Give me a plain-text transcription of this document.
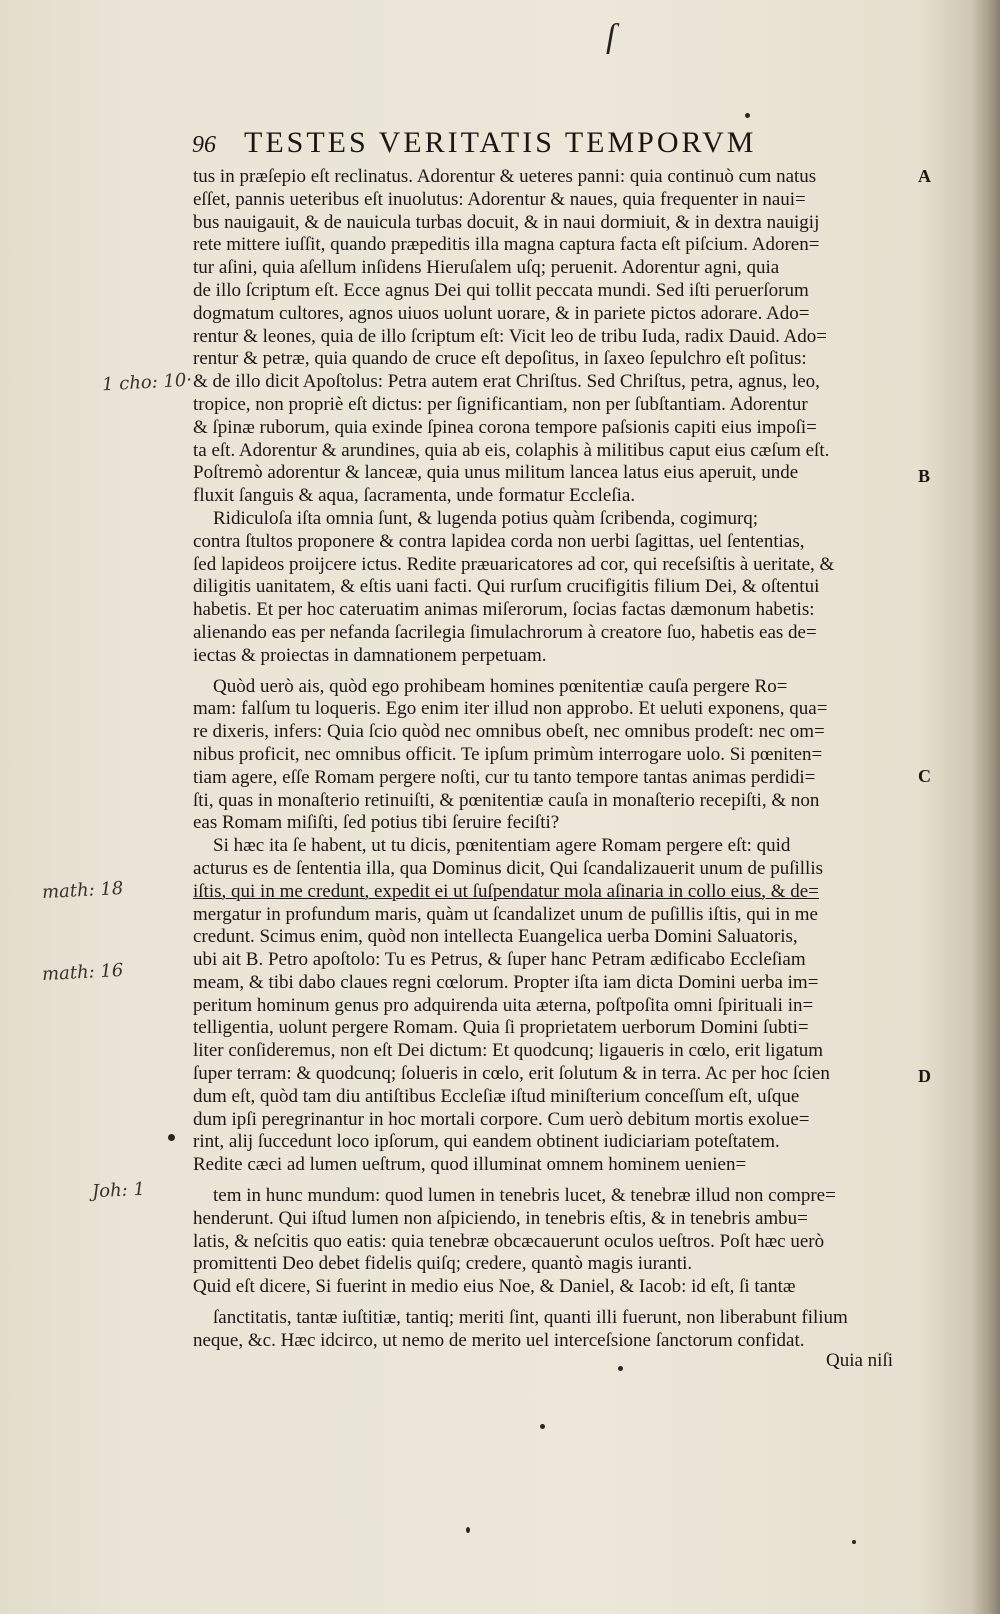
ſ
96 TESTES VERITATIS TEMPORVM
A
B
C
D
1 cho: 10·
math: 18
math: 16
Joh: 1
tus in præſepio eſt reclinatus. Adorentur & ueteres panni: quia continuò cum natus
eſſet, pannis ueteribus eſt inuolutus: Adorentur & naues, quia frequenter in naui=
bus nauigauit, & de nauicula turbas docuit, & in naui dormiuit, & in dextra nauigij
rete mittere iuſſit, quando præpeditis illa magna captura facta eſt piſcium. Adoren=
tur aſini, quia aſellum inſidens Hieruſalem uſq; peruenit. Adorentur agni, quia
de illo ſcriptum eſt. Ecce agnus Dei qui tollit peccata mundi. Sed iſti peruerſorum
dogmatum cultores, agnos uiuos uolunt uorare, & in pariete pictos adorare. Ado=
rentur & leones, quia de illo ſcriptum eſt: Vicit leo de tribu Iuda, radix Dauid. Ado=
rentur & petræ, quia quando de cruce eſt depoſitus, in ſaxeo ſepulchro eſt poſitus:
& de illo dicit Apoſtolus: Petra autem erat Chriſtus. Sed Chriſtus, petra, agnus, leo,
tropice, non propriè eſt dictus: per ſignificantiam, non per ſubſtantiam. Adorentur
& ſpinæ ruborum, quia exinde ſpinea corona tempore paſsionis capiti eius impoſi=
ta eſt. Adorentur & arundines, quia ab eis, colaphis à militibus caput eius cæſum eſt.
Poſtremò adorentur & lanceæ, quia unus militum lancea latus eius aperuit, unde
fluxit ſanguis & aqua, ſacramenta, unde formatur Eccleſia.
Ridiculoſa iſta omnia ſunt, & lugenda potius quàm ſcribenda, cogimurq;
contra ſtultos proponere & contra lapidea corda non uerbi ſagittas, uel ſententias,
ſed lapideos proijcere ictus. Redite præuaricatores ad cor, qui receſsiſtis à ueritate, &
diligitis uanitatem, & eſtis uani facti. Qui rurſum crucifigitis filium Dei, & oſtentui
habetis. Et per hoc cateruatim animas miſerorum, ſocias factas dæmonum habetis:
alienando eas per nefanda ſacrilegia ſimulachrorum à creatore ſuo, habetis eas de=
iectas & proiectas in damnationem perpetuam.
Quòd uerò ais, quòd ego prohibeam homines pœnitentiæ cauſa pergere Ro=
mam: falſum tu loqueris. Ego enim iter illud non approbo. Et ueluti exponens, qua=
re dixeris, infers: Quia ſcio quòd nec omnibus obeſt, nec omnibus prodeſt: nec om=
nibus proficit, nec omnibus officit. Te ipſum primùm interrogare uolo. Si pœniten=
tiam agere, eſſe Romam pergere noſti, cur tu tanto tempore tantas animas perdidi=
ſti, quas in monaſterio retinuiſti, & pœnitentiæ cauſa in monaſterio recepiſti, & non
eas Romam miſiſti, ſed potius tibi ſeruire feciſti?
Si hæc ita ſe habent, ut tu dicis, pœnitentiam agere Romam pergere eſt: quid
acturus es de ſententia illa, qua Dominus dicit, Qui ſcandalizauerit unum de puſillis
iſtis, qui in me credunt, expedit ei ut ſuſpendatur mola aſinaria in collo eius, & de=
mergatur in profundum maris, quàm ut ſcandalizet unum de puſillis iſtis, qui in me
credunt. Scimus enim, quòd non intellecta Euangelica uerba Domini Saluatoris,
ubi ait B. Petro apoſtolo: Tu es Petrus, & ſuper hanc Petram ædificabo Eccleſiam
meam, & tibi dabo claues regni cœlorum. Propter iſta iam dicta Domini uerba im=
peritum hominum genus pro adquirenda uita æterna, poſtpoſita omni ſpirituali in=
telligentia, uolunt pergere Romam. Quia ſi proprietatem uerborum Domini ſubti=
liter conſideremus, non eſt Dei dictum: Et quodcunq; ligaueris in cœlo, erit ligatum
ſuper terram: & quodcunq; ſolueris in cœlo, erit ſolutum & in terra. Ac per hoc ſcien
dum eſt, quòd tam diu antiſtibus Eccleſiæ iſtud miniſterium conceſſum eſt, uſque
dum ipſi peregrinantur in hoc mortali corpore. Cum uerò debitum mortis exolue=
rint, alij ſuccedunt loco ipſorum, qui eandem obtinent iudiciariam poteſtatem.
Redite cæci ad lumen ueſtrum, quod illuminat omnem hominem uenien=
tem in hunc mundum: quod lumen in tenebris lucet, & tenebræ illud non compre=
henderunt. Qui iſtud lumen non aſpiciendo, in tenebris eſtis, & in tenebris ambu=
latis, & neſcitis quo eatis: quia tenebræ obcæcauerunt oculos ueſtros. Poſt hæc uerò
promittenti Deo debet fidelis quiſq; credere, quantò magis iuranti.
Quid eſt dicere, Si fuerint in medio eius Noe, & Daniel, & Iacob: id eſt, ſi tantæ
ſanctitatis, tantæ iuſtitiæ, tantiq; meriti ſint, quanti illi fuerunt, non liberabunt filium
neque, &c. Hæc idcirco, ut nemo de merito uel interceſsione ſanctorum confidat.
Quia niſi
